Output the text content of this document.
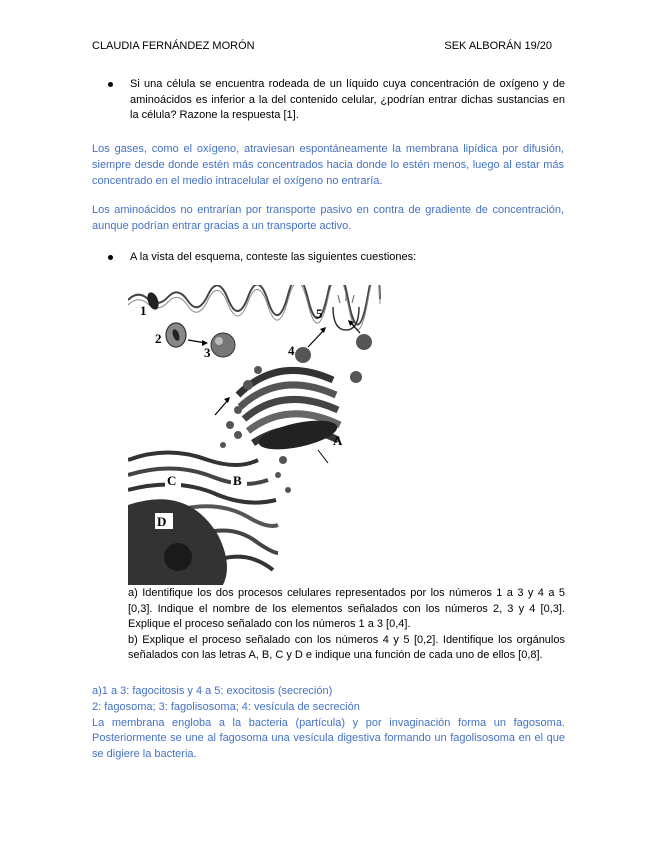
CLAUDIA FERNÁNDEZ MORÓN	SEK ALBORÁN 19/20
Si una célula se encuentra rodeada de un líquido cuya concentración de oxígeno y de aminoácidos es inferior a la del contenido celular, ¿podrían entrar dichas sustancias en la célula? Razone la respuesta [1].
Los gases, como el oxígeno, atraviesan espontáneamente la membrana lipídica por difusión, siempre desde donde estén más concentrados hacia donde lo estén menos, luego al estar más concentrado en el medio intracelular el oxígeno no entraría.
Los aminoácidos no entrarían por transporte pasivo en contra de gradiente de concentración, aunque podrían entrar gracias a un transporte activo.
A la vista del esquema, conteste las siguientes cuestiones:
1
2
3	4
5
A
B
C
D
a) Identifique los dos procesos celulares representados por los números 1 a 3 y 4 a 5 [0,3]. Indique el nombre de los elementos señalados con los números 2, 3 y 4 [0,3]. Explique el proceso señalado con los números 1 a 3 [0,4].
b) Explique el proceso señalado con los números 4 y 5 [0,2]. Identifique los orgánulos señalados con las letras A, B, C y D e indique una función de cada uno de ellos [0,8].
a)1 a 3: fagocitosis y 4 a 5: exocitosis (secreción)
2: fagosoma; 3: fagolisosoma; 4: vesícula de secreción
La membrana engloba a la bacteria (partícula) y por invaginación forma un fagosoma. Posteriormente se une al fagosoma una vesícula digestiva formando un fagolisosoma en el que se digiere la bacteria.
